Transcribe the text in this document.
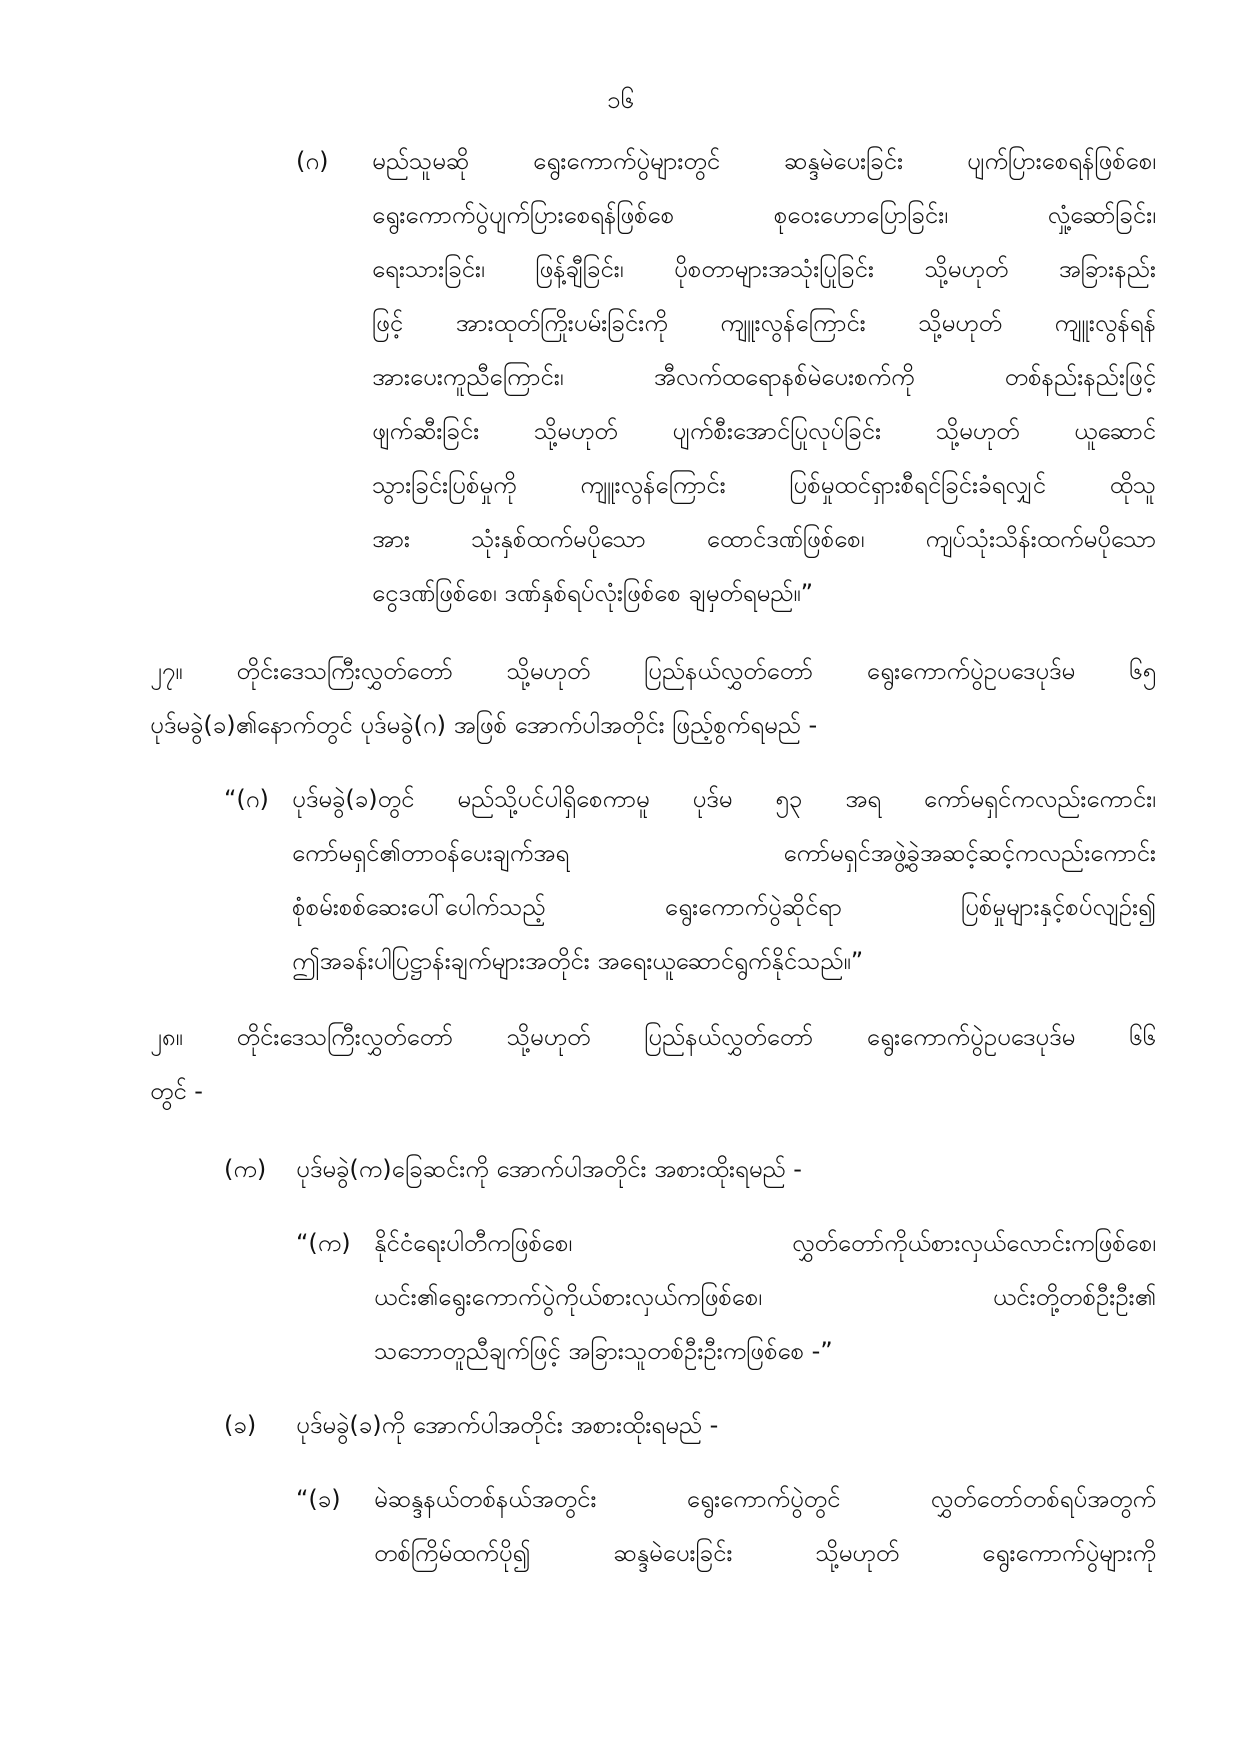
၁၆
(ဂ) မည်သူမဆို	ရွေးကောက်ပွဲများတွင်	ဆန္ဒမဲပေးခြင်း	ပျက်ပြားစေရန်ဖြစ်စေ၊
ရွေးကောက်ပွဲပျက်ပြားစေရန်ဖြစ်စေ	စုဝေးဟောပြောခြင်း၊	လှုံ့ဆော်ခြင်း၊
ရေးသားခြင်း၊ ဖြန့်ချီခြင်း၊ ပိုစတာများအသုံးပြုခြင်း သို့မဟုတ် အခြားနည်း
ဖြင့် အားထုတ်ကြိုးပမ်းခြင်းကို ကျူးလွန်ကြောင်း သို့မဟုတ် ကျူးလွန်ရန်
အားပေးကူညီကြောင်း၊	အီလက်ထရောနစ်မဲပေးစက်ကို	တစ်နည်းနည်းဖြင့်
ဖျက်ဆီးခြင်း သို့မဟုတ် ပျက်စီးအောင်ပြုလုပ်ခြင်း သို့မဟုတ် ယူဆောင်
သွားခြင်းပြစ်မှုကို	ကျူးလွန်ကြောင်း	ပြစ်မှုထင်ရှားစီရင်ခြင်းခံရလျှင်	ထိုသူ
အား	သုံးနှစ်ထက်မပိုသော	ထောင်ဒဏ်ဖြစ်စေ၊	ကျပ်သုံးသိန်းထက်မပိုသော
ငွေဒဏ်ဖြစ်စေ၊ ဒဏ်နှစ်ရပ်လုံးဖြစ်စေ ချမှတ်ရမည်။”
၂၇။ တိုင်းဒေသကြီးလွှတ်တော် သို့မဟုတ် ပြည်နယ်လွှတ်တော် ရွေးကောက်ပွဲဥပဒေပုဒ်မ ၆၅
ပုဒ်မခွဲ(ခ)၏နောက်တွင် ပုဒ်မခွဲ(ဂ) အဖြစ် အောက်ပါအတိုင်း ဖြည့်စွက်ရမည် -
“(ဂ) ပုဒ်မခွဲ(ခ)တွင် မည်သို့ပင်ပါရှိစေကာမူ ပုဒ်မ ၅၃ အရ ကော်မရှင်ကလည်းကောင်း၊
ကော်မရှင်၏တာဝန်ပေးချက်အရ	ကော်မရှင်အဖွဲ့ခွဲအဆင့်ဆင့်ကလည်းကောင်း
စုံစမ်းစစ်ဆေးပေါ်ပေါက်သည့်	ရွေးကောက်ပွဲဆိုင်ရာ	ပြစ်မှုများနှင့်စပ်လျဉ်း၍
ဤအခန်းပါပြဋ္ဌာန်းချက်များအတိုင်း အရေးယူဆောင်ရွက်နိုင်သည်။”
၂၈။ တိုင်းဒေသကြီးလွှတ်တော် သို့မဟုတ် ပြည်နယ်လွှတ်တော် ရွေးကောက်ပွဲဥပဒေပုဒ်မ ၆၆
တွင် -
(က) ပုဒ်မခွဲ(က)ခြေဆင်းကို အောက်ပါအတိုင်း အစားထိုးရမည် -
“(က) နိုင်ငံရေးပါတီကဖြစ်စေ၊	လွှတ်တော်ကိုယ်စားလှယ်လောင်းကဖြစ်စေ၊
ယင်း၏ရွေးကောက်ပွဲကိုယ်စားလှယ်ကဖြစ်စေ၊	ယင်းတို့တစ်ဦးဦး၏
သဘောတူညီချက်ဖြင့် အခြားသူတစ်ဦးဦးကဖြစ်စေ -”
(ခ) ပုဒ်မခွဲ(ခ)ကို အောက်ပါအတိုင်း အစားထိုးရမည် -
“(ခ) မဲဆန္ဒနယ်တစ်နယ်အတွင်း	ရွေးကောက်ပွဲတွင်	လွှတ်တော်တစ်ရပ်အတွက်
တစ်ကြိမ်ထက်ပို၍	ဆန္ဒမဲပေးခြင်း	သို့မဟုတ်	ရွေးကောက်ပွဲများကို
